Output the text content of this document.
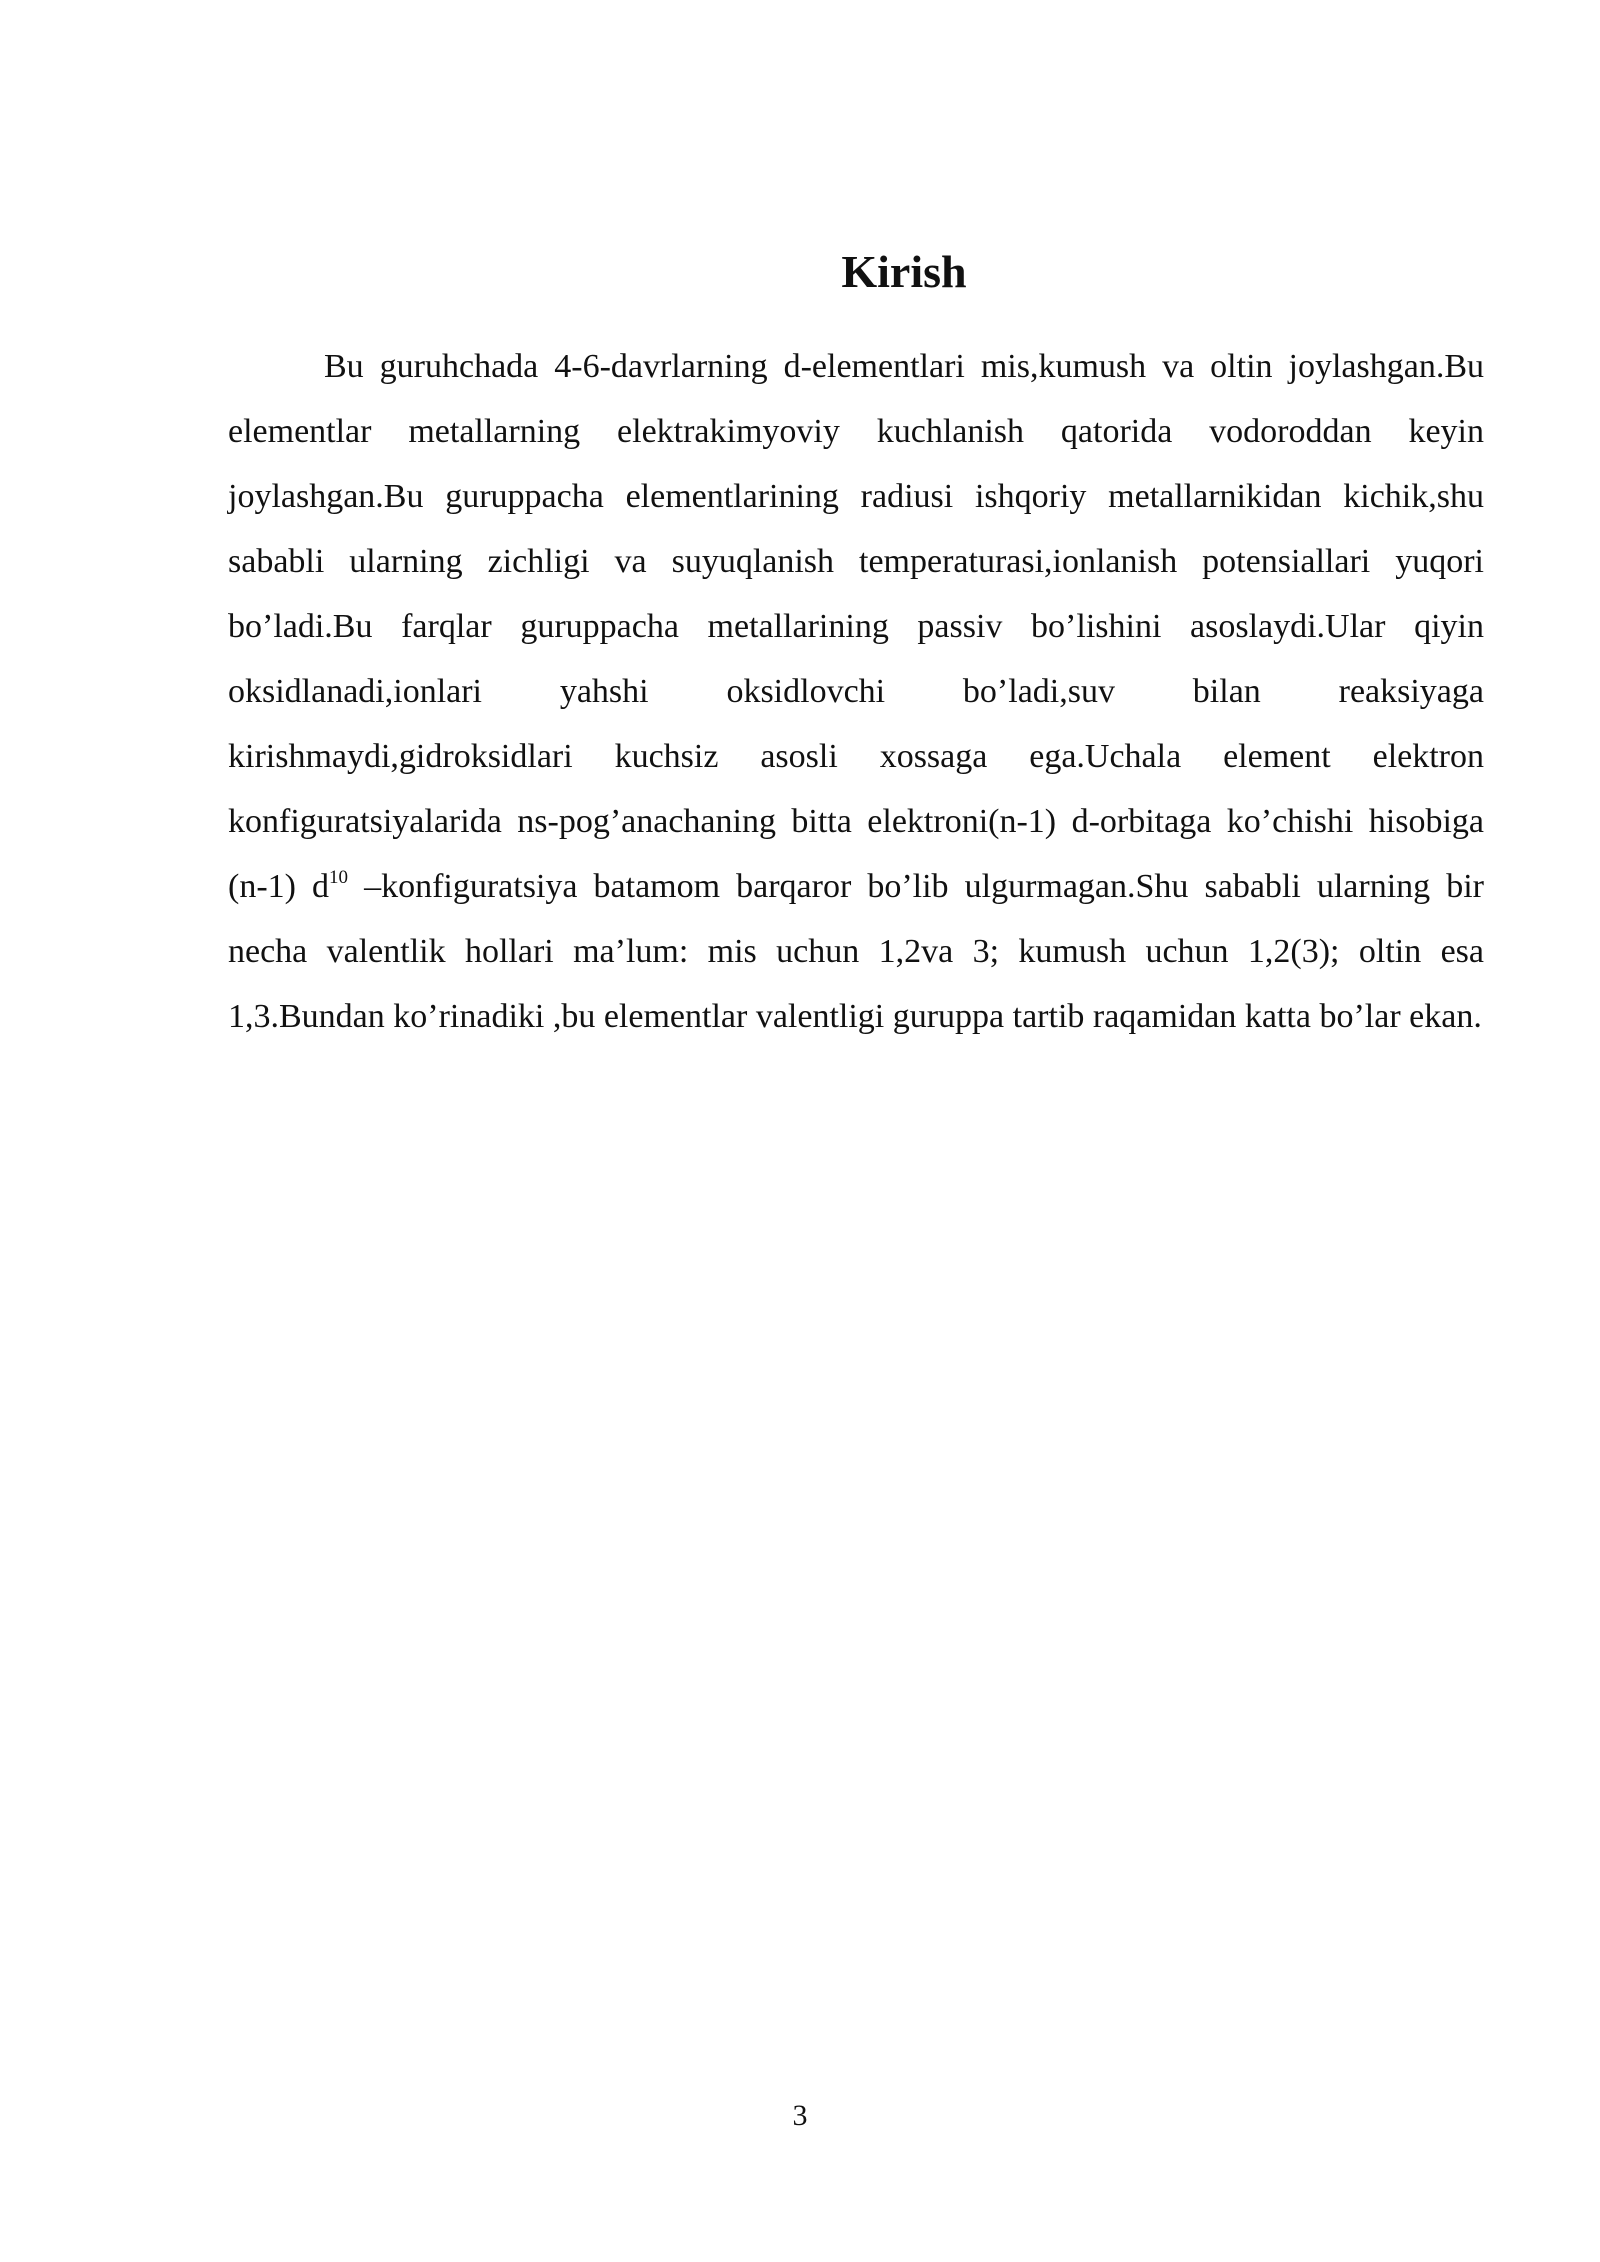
Kirish

Bu guruhchada 4-6-davrlarning d-elementlari mis,kumush va oltin joylashgan.Bu elementlar metallarning elektrakimyoviy kuchlanish qatorida vodoroddan keyin joylashgan.Bu guruppacha elementlarining radiusi ishqoriy metallarnikidan kichik,shu sababli ularning zichligi va suyuqlanish temperaturasi,ionlanish potensiallari yuqori bo’ladi.Bu farqlar guruppacha metallarining passiv bo’lishini asoslaydi.Ular qiyin oksidlanadi,ionlari yahshi oksidlovchi bo’ladi,suv bilan reaksiyaga kirishmaydi,gidroksidlari kuchsiz asosli xossaga ega.Uchala element elektron konfiguratsiyalarida ns-pog’anachaning bitta elektroni(n-1) d-orbitaga ko’chishi hisobiga (n-1) $d^{10}$ –konfiguratsiya batamom barqaror bo’lib ulgurmagan.Shu sababli ularning bir necha valentlik hollari ma’lum: mis uchun 1,2va 3; kumush uchun 1,2(3); oltin esa 1,3.Bundan ko’rinadiki ,bu elementlar valentligi guruppa tartib raqamidan katta bo’lar ekan.

3
